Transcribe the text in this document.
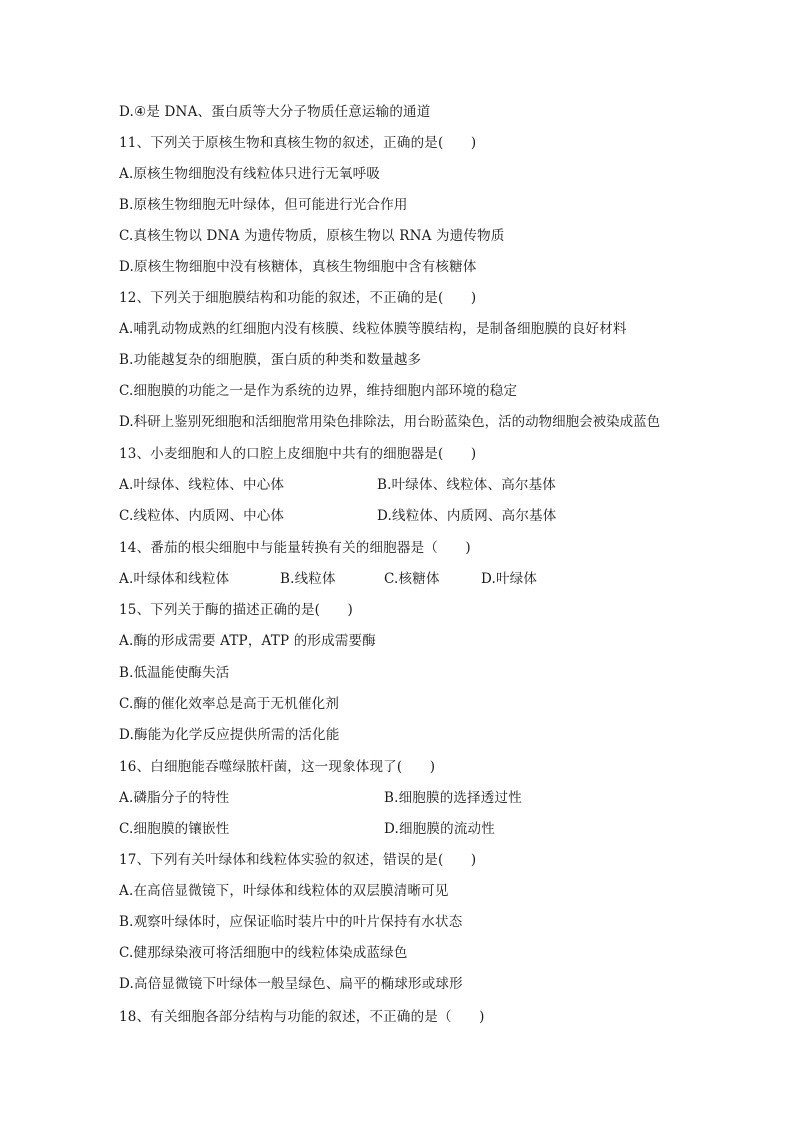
D.④是 DNA、蛋白质等大分子物质任意运输的通道
11、下列关于原核生物和真核生物的叙述，正确的是(　　)
A.原核生物细胞没有线粒体只进行无氧呼吸
B.原核生物细胞无叶绿体，但可能进行光合作用
C.真核生物以 DNA 为遗传物质，原核生物以 RNA 为遗传物质
D.原核生物细胞中没有核糖体，真核生物细胞中含有核糖体
12、下列关于细胞膜结构和功能的叙述，不正确的是(　　)
A.哺乳动物成熟的红细胞内没有核膜、线粒体膜等膜结构，是制备细胞膜的良好材料
B.功能越复杂的细胞膜，蛋白质的种类和数量越多
C.细胞膜的功能之一是作为系统的边界，维持细胞内部环境的稳定
D.科研上鉴别死细胞和活细胞常用染色排除法，用台盼蓝染色，活的动物细胞会被染成蓝色
13、小麦细胞和人的口腔上皮细胞中共有的细胞器是(　　)
A.叶绿体、线粒体、中心体	B.叶绿体、线粒体、高尔基体
C.线粒体、内质网、中心体	D.线粒体、内质网、高尔基体
14、番茄的根尖细胞中与能量转换有关的细胞器是（　　)
A.叶绿体和线粒体	B.线粒体	C.核糖体	D.叶绿体
15、下列关于酶的描述正确的是(　　)
A.酶的形成需要 ATP，ATP 的形成需要酶
B.低温能使酶失活
C.酶的催化效率总是高于无机催化剂
D.酶能为化学反应提供所需的活化能
16、白细胞能吞噬绿脓杆菌，这一现象体现了(　　)
A.磷脂分子的特性	B.细胞膜的选择透过性
C.细胞膜的镶嵌性	D.细胞膜的流动性
17、下列有关叶绿体和线粒体实验的叙述，错误的是(　　)
A.在高倍显微镜下，叶绿体和线粒体的双层膜清晰可见
B.观察叶绿体时，应保证临时装片中的叶片保持有水状态
C.健那绿染液可将活细胞中的线粒体染成蓝绿色
D.高倍显微镜下叶绿体一般呈绿色、扁平的椭球形或球形
18、有关细胞各部分结构与功能的叙述，不正确的是（　　)
